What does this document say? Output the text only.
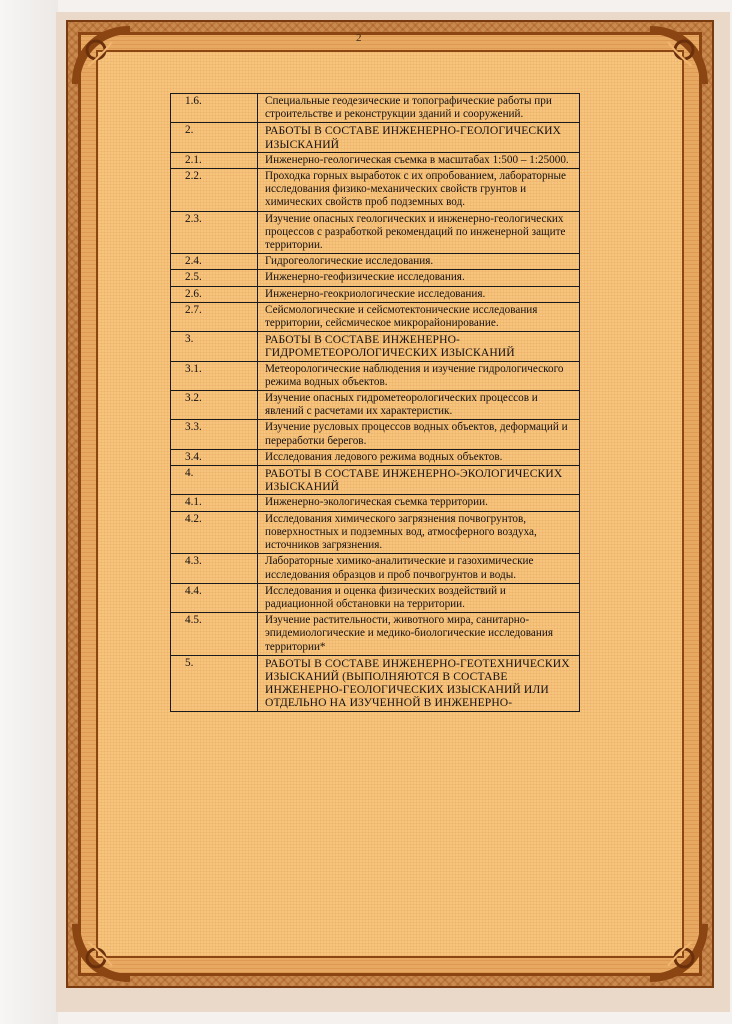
2
1.6.	Специальные геодезические и топографические работы при строительстве и реконструкции зданий и сооружений.
2.	РАБОТЫ В СОСТАВЕ ИНЖЕНЕРНО-ГЕОЛОГИЧЕСКИХ ИЗЫСКАНИЙ
2.1.	Инженерно-геологическая съемка в масштабах 1:500 – 1:25000.
2.2.	Проходка горных выработок с их опробованием, лабораторные исследования физико-механических свойств грунтов и химических свойств проб подземных вод.
2.3.	Изучение опасных геологических и инженерно-геологических процессов с разработкой рекомендаций по инженерной защите территории.
2.4.	Гидрогеологические исследования.
2.5.	Инженерно-геофизические исследования.
2.6.	Инженерно-геокриологические исследования.
2.7.	Сейсмологические и сейсмотектонические исследования территории, сейсмическое микрорайонирование.
3.	РАБОТЫ В СОСТАВЕ ИНЖЕНЕРНО-ГИДРОМЕТЕОРОЛОГИЧЕСКИХ ИЗЫСКАНИЙ
3.1.	Метеорологические наблюдения и изучение гидрологического режима водных объектов.
3.2.	Изучение опасных гидрометеорологических процессов и явлений с расчетами их характеристик.
3.3.	Изучение русловых процессов водных объектов, деформаций и переработки берегов.
3.4.	Исследования ледового режима водных объектов.
4.	РАБОТЫ В СОСТАВЕ ИНЖЕНЕРНО-ЭКОЛОГИЧЕСКИХ ИЗЫСКАНИЙ
4.1.	Инженерно-экологическая съемка территории.
4.2.	Исследования химического загрязнения почвогрунтов, поверхностных и подземных вод, атмосферного воздуха, источников загрязнения.
4.3.	Лабораторные химико-аналитические и газохимические исследования образцов и проб почвогрунтов и воды.
4.4.	Исследования и оценка физических воздействий и радиационной обстановки на территории.
4.5.	Изучение растительности, животного мира, санитарно-эпидемиологические и медико-биологические исследования территории*
5.	РАБОТЫ В СОСТАВЕ ИНЖЕНЕРНО-ГЕОТЕХНИЧЕСКИХ ИЗЫСКАНИЙ (ВЫПОЛНЯЮТСЯ В СОСТАВЕ ИНЖЕНЕРНО-ГЕОЛОГИЧЕСКИХ ИЗЫСКАНИЙ ИЛИ ОТДЕЛЬНО НА ИЗУЧЕННОЙ В ИНЖЕНЕРНО-
